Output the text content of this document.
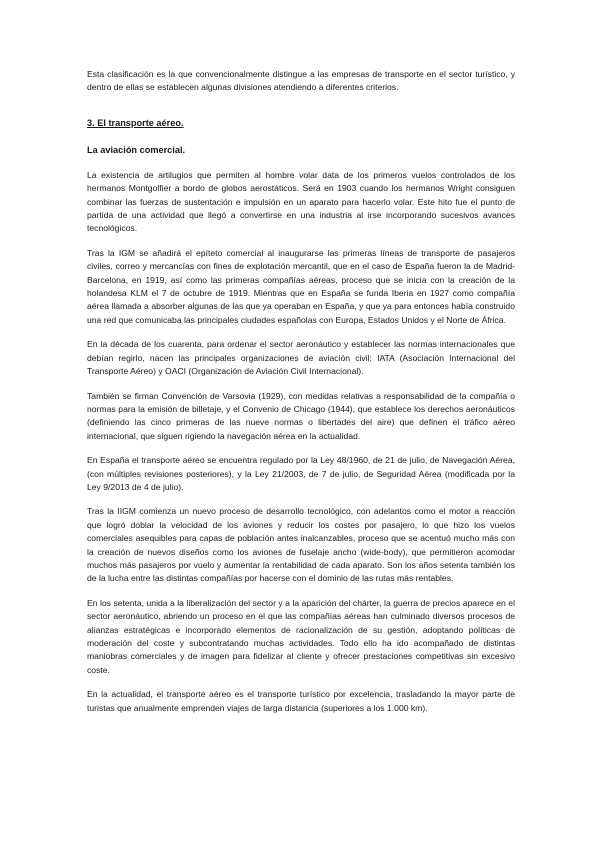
Esta clasificación es la que convencionalmente distingue a las empresas de transporte en el sector turístico, y dentro de ellas se establecen algunas divisiones atendiendo a diferentes criterios.

3. El transporte aéreo.
La aviación comercial.

La existencia de artilugios que permiten al hombre volar data de los primeros vuelos controlados de los hermanos Montgolfier a bordo de globos aerostáticos. Será en 1903 cuando los hermanos Wright consiguen combinar las fuerzas de sustentación e impulsión en un aparato para hacerlo volar. Este hito fue el punto de partida de una actividad que llegó a convertirse en una industria al irse incorporando sucesivos avances tecnológicos.

Tras la IGM se añadirá el epíteto comercial al inaugurarse las primeras líneas de transporte de pasajeros civiles, correo y mercancías con fines de explotación mercantil, que en el caso de España fueron la de Madrid- Barcelona, en 1919, así como las primeras compañías aéreas, proceso que se inicia con la creación de la holandesa KLM el 7 de octubre de 1919. Mientras que en España se funda Iberia en 1927 como compañía aérea llamada a absorber algunas de las que ya operaban en España, y que ya para entonces había construido una red que comunicaba las principales ciudades españolas con Europa, Estados Unidos y el Norte de África.

En la década de los cuarenta, para ordenar el sector aeronáutico y establecer las normas internacionales que debían regirlo, nacen las principales organizaciones de aviación civil: IATA (Asociación Internacional del Transporte Aéreo) y OACI (Organización de Aviación Civil Internacional).

También se firman Convención de Varsovia (1929), con medidas relativas a responsabilidad de la compañía o normas para la emisión de billetaje, y el Convenio de Chicago (1944), que establece los derechos aeronáuticos (definiendo las cinco primeras de las nueve normas o libertades del aire) que definen el tráfico aéreo internacional, que siguen rigiendo la navegación aérea en la actualidad.

En España el transporte aéreo se encuentra regulado por la Ley 48/1960, de 21 de julio, de Navegación Aérea, (con múltiples revisiones posteriores), y la Ley 21/2003, de 7 de julio, de Seguridad Aérea (modificada por la Ley 9/2013 de 4 de julio).

Tras la IIGM comienza un nuevo proceso de desarrollo tecnológico, con adelantos como el motor a reacción que logró doblar la velocidad de los aviones y reducir los costes por pasajero, lo que hizo los vuelos comerciales asequibles para capas de población antes inalcanzables, proceso que se acentuó mucho más con la creación de nuevos diseños como los aviones de fuselaje ancho (wide-body), que permitieron acomodar muchos más pasajeros por vuelo y aumentar la rentabilidad de cada aparato. Son los años setenta también los de la lucha entre las distintas compañías por hacerse con el dominio de las rutas más rentables.

En los setenta, unida a la liberalización del sector y a la aparición del chárter, la guerra de precios aparece en el sector aeronáutico, abriendo un proceso en el que las compañías aéreas han culminado diversos procesos de alianzas estratégicas e incorporado elementos de racionalización de su gestión, adoptando políticas de moderación del coste y subcontratando muchas actividades. Todo ello ha ido acompañado de distintas maniobras comerciales y de imagen para fidelizar al cliente y ofrecer prestaciones competitivas sin excesivo coste.

En la actualidad, el transporte aéreo es el transporte turístico por excelencia, trasladando la mayor parte de turistas que anualmente emprenden viajes de larga distancia (superiores a los 1.000 km).
